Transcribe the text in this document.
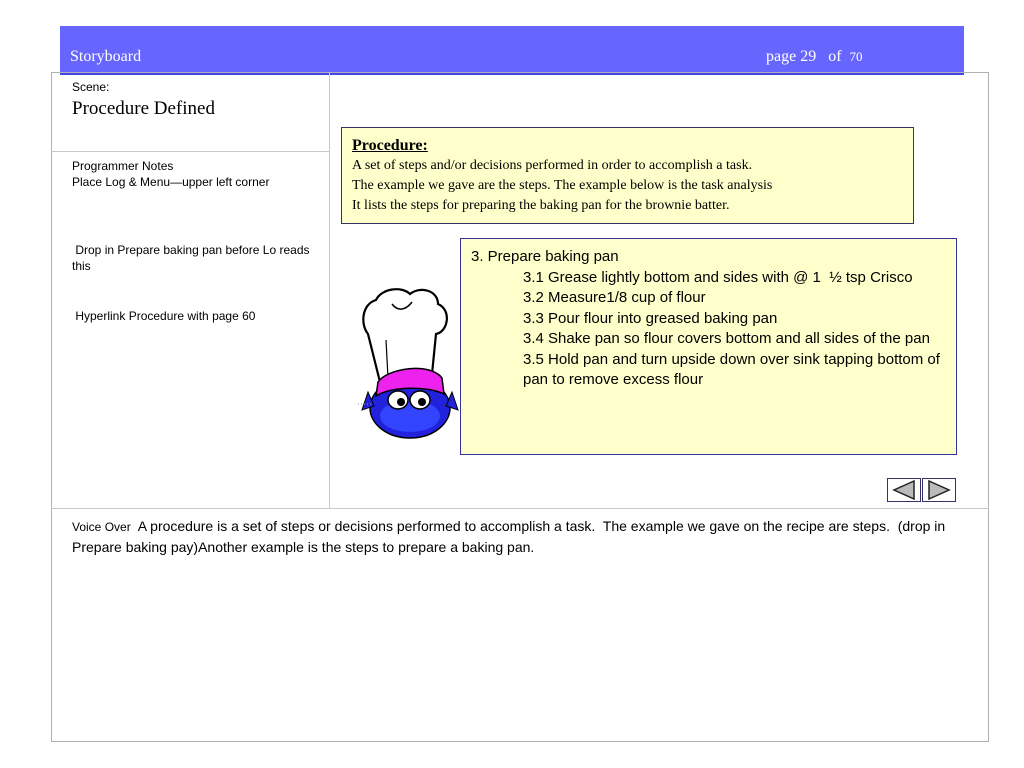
Storyboard	page 29   of 70
Scene:
Procedure Defined

Programmer Notes

Place Log & Menu—upper left corner

Drop in Prepare baking pan before Lo reads this

Hyperlink Procedure with page 60

Procedure:
A set of steps and/or decisions performed in order to accomplish a task.
The example we gave are the steps. The example below is the task analysis
It lists the steps for preparing the baking pan for the brownie batter.
3. Prepare baking pan
3.1 Grease lightly bottom and sides with @ 1  ½ tsp Crisco
3.2 Measure1/8 cup of flour
3.3 Pour flour into greased baking pan
3.4 Shake pan so flour covers bottom and all sides of the pan
3.5 Hold pan and turn upside down over sink tapping bottom of pan to remove excess flour
Voice Over  A procedure is a set of steps or decisions performed to accomplish a task.  The example we gave on the recipe are steps.  (drop in Prepare baking pay)Another example is the steps to prepare a baking pan.
